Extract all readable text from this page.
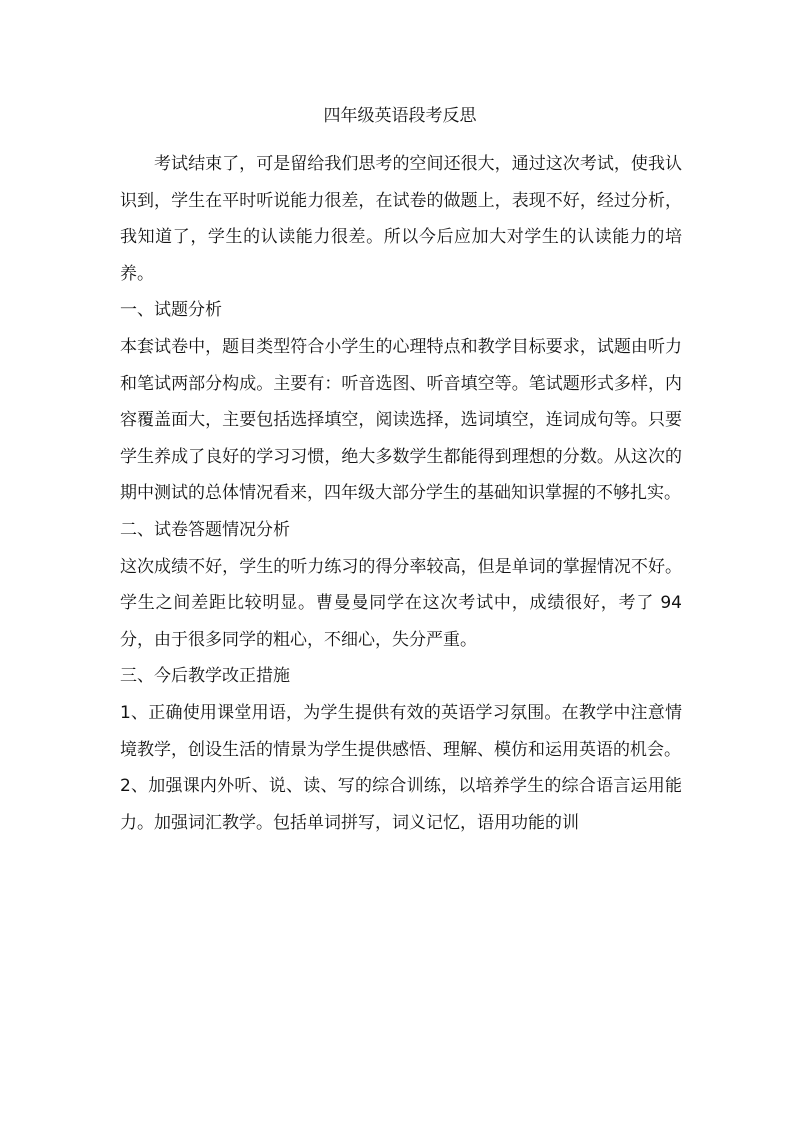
四年级英语段考反思

考试结束了，可是留给我们思考的空间还很大，通过这次考试，使我认识到，学生在平时听说能力很差，在试卷的做题上，表现不好，经过分析，我知道了，学生的认读能力很差。所以今后应加大对学生的认读能力的培养。

一、试题分析

本套试卷中，题目类型符合小学生的心理特点和教学目标要求，试题由听力和笔试两部分构成。主要有：听音选图、听音填空等。笔试题形式多样，内容覆盖面大，主要包括选择填空，阅读选择，选词填空，连词成句等。只要学生养成了良好的学习习惯，绝大多数学生都能得到理想的分数。从这次的期中测试的总体情况看来，四年级大部分学生的基础知识掌握的不够扎实。

二、试卷答题情况分析

这次成绩不好，学生的听力练习的得分率较高，但是单词的掌握情况不好。学生之间差距比较明显。曹曼曼同学在这次考试中，成绩很好，考了 94 分，由于很多同学的粗心，不细心，失分严重。

三、今后教学改正措施

1、正确使用课堂用语，为学生提供有效的英语学习氛围。在教学中注意情境教学，创设生活的情景为学生提供感悟、理解、模仿和运用英语的机会。

2、加强课内外听、说、读、写的综合训练，以培养学生的综合语言运用能力。加强词汇教学。包括单词拼写，词义记忆，语用功能的训
